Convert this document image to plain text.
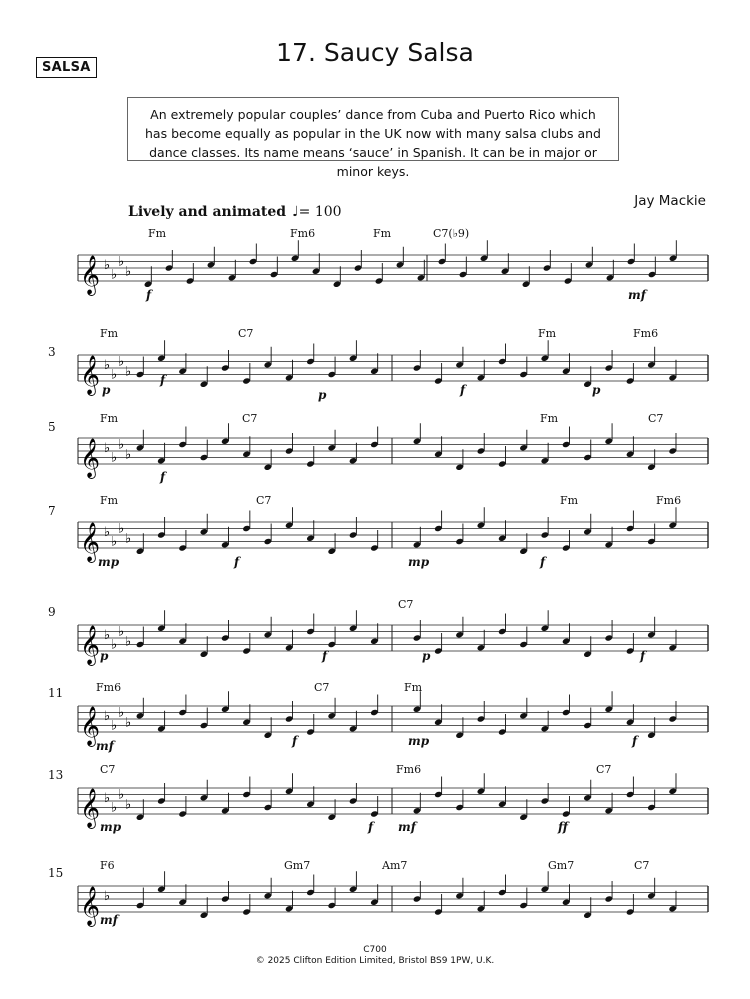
SALSA
17. Saucy Salsa
An extremely popular couples’ dance from Cuba and Puerto Rico which has become equally as popular in the UK now with many salsa clubs and dance classes. Its name means ‘sauce’ in Spanish. It can be in major or minor keys.
Jay Mackie
Lively and animated ♩= 100
𝄞 ♭
♭
♭
♭
Fm	Fm6	Fm	C7(♭9)
f	mf
𝄞 ♭
♭
♭
♭
3
Fm	C7	Fm	Fm6
p
f
p	f	p
𝄞 ♭
♭
♭
♭
5
Fm	C7	Fm	C7
f
𝄞 ♭
♭
♭
♭
7
Fm	C7	Fm	Fm6
mp	f	mp	f
𝄞 ♭
♭
♭
♭
9
C7
p	f	p	f
𝄞 ♭
♭
♭
♭
11	Fm6	C7	Fm
mf	f	mp	f
𝄞 ♭
♭
♭
♭
13	C7	Fm6	C7
mp	f mf	ff
𝄞 ♭
15
F6	Gm7	Am7	Gm7	C7
mf
C700
© 2025 Clifton Edition Limited, Bristol BS9 1PW, U.K.
